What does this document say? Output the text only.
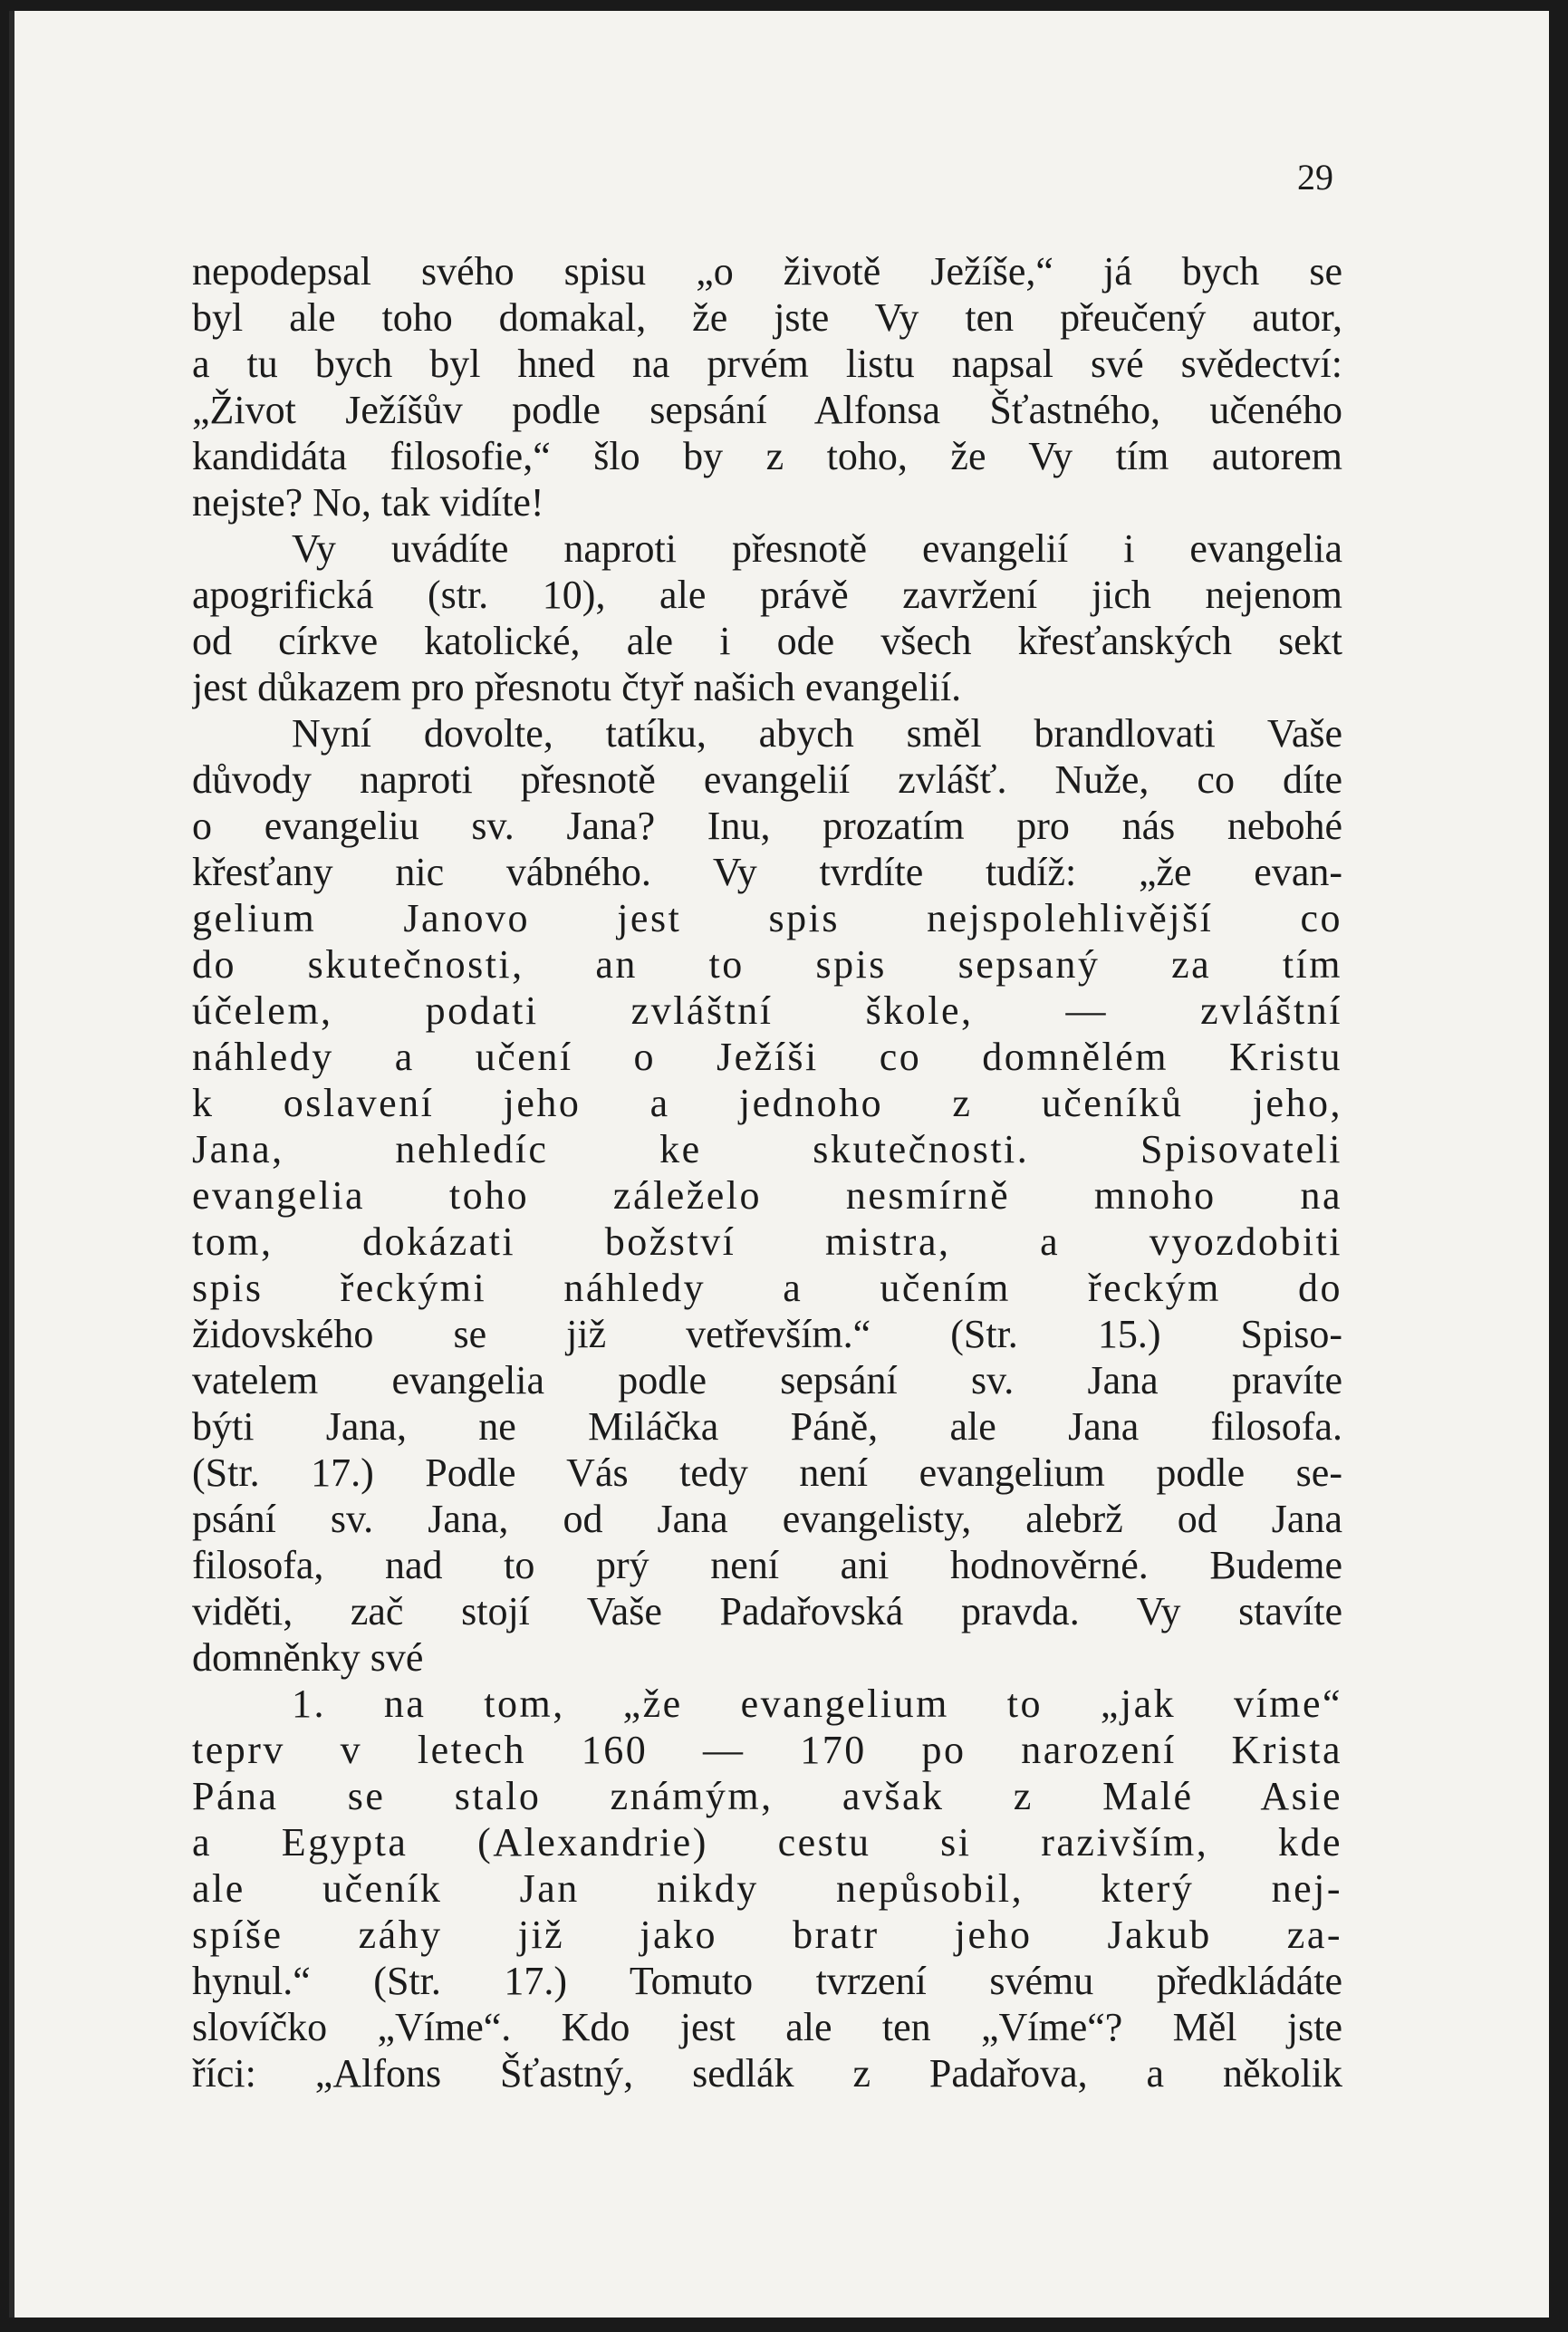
29
nepodepsal svého spisu „o životě Ježíše,“ já bych se
byl ale toho domakal, že jste Vy ten přeučený autor,
a tu bych byl hned na prvém listu napsal své svědectví:
„Život Ježíšův podle sepsání Alfonsa Šťastného, učeného
kandidáta filosofie,“ šlo by z toho, že Vy tím autorem
nejste? No, tak vidíte!
Vy uvádíte naproti přesnotě evangelií i evangelia
apogrifická (str. 10), ale právě zavržení jich nejenom
od církve katolické, ale i ode všech křesťanských sekt
jest důkazem pro přesnotu čtyř našich evangelií.
Nyní dovolte, tatíku, abych směl brandlovati Vaše
důvody naproti přesnotě evangelií zvlášť. Nuže, co díte
o evangeliu sv. Jana? Inu, prozatím pro nás nebohé
křesťany nic vábného. Vy tvrdíte tudíž: „že evan-
gelium Janovo jest spis nejspolehlivější co
do skutečnosti, an to spis sepsaný za tím
účelem, podati zvláštní škole, — zvláštní
náhledy a učení o Ježíši co domnělém Kristu
k oslavení jeho a jednoho z učeníků jeho,
Jana, nehledíc ke skutečnosti. Spisovateli
evangelia toho záleželo nesmírně mnoho na
tom, dokázati božství mistra, a vyozdobiti
spis řeckými náhledy a učením řeckým do
židovského se již vetřevším.“ (Str. 15.) Spiso-
vatelem evangelia podle sepsání sv. Jana pravíte
býti Jana, ne Miláčka Páně, ale Jana filosofa.
(Str. 17.) Podle Vás tedy není evangelium podle se-
psání sv. Jana, od Jana evangelisty, alebrž od Jana
filosofa, nad to prý není ani hodnověrné. Budeme
viděti, zač stojí Vaše Padařovská pravda. Vy stavíte
domněnky své
1. na tom, „že evangelium to „jak víme“
teprv v letech 160 — 170 po narození Krista
Pána se stalo známým, avšak z Malé Asie
a Egypta (Alexandrie) cestu si razivším, kde
ale učeník Jan nikdy nepůsobil, který nej-
spíše záhy již jako bratr jeho Jakub za-
hynul.“ (Str. 17.) Tomuto tvrzení svému předkládáte
slovíčko „Víme“. Kdo jest ale ten „Víme“? Měl jste
říci: „Alfons Šťastný, sedlák z Padařova, a několik
